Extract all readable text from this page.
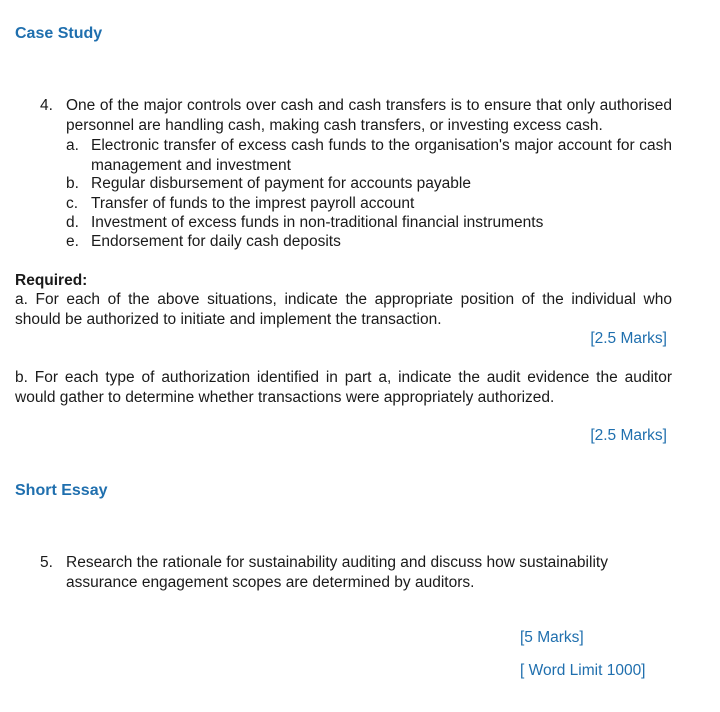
Case Study
4. One of the major controls over cash and cash transfers is to ensure that only authorised personnel are handling cash, making cash transfers, or investing excess cash.
a. Electronic transfer of excess cash funds to the organisation's major account for cash management and investment
b. Regular disbursement of payment for accounts payable
c. Transfer of funds to the imprest payroll account
d. Investment of excess funds in non-traditional financial instruments
e. Endorsement for daily cash deposits
Required:
a. For each of the above situations, indicate the appropriate position of the individual who should be authorized to initiate and implement the transaction.
[2.5 Marks]
b. For each type of authorization identified in part a, indicate the audit evidence the auditor would gather to determine whether transactions were appropriately authorized.
[2.5 Marks]
Short Essay
5. Research the rationale for sustainability auditing and discuss how sustainability assurance engagement scopes are determined by auditors.
[5 Marks]
[ Word Limit 1000]
